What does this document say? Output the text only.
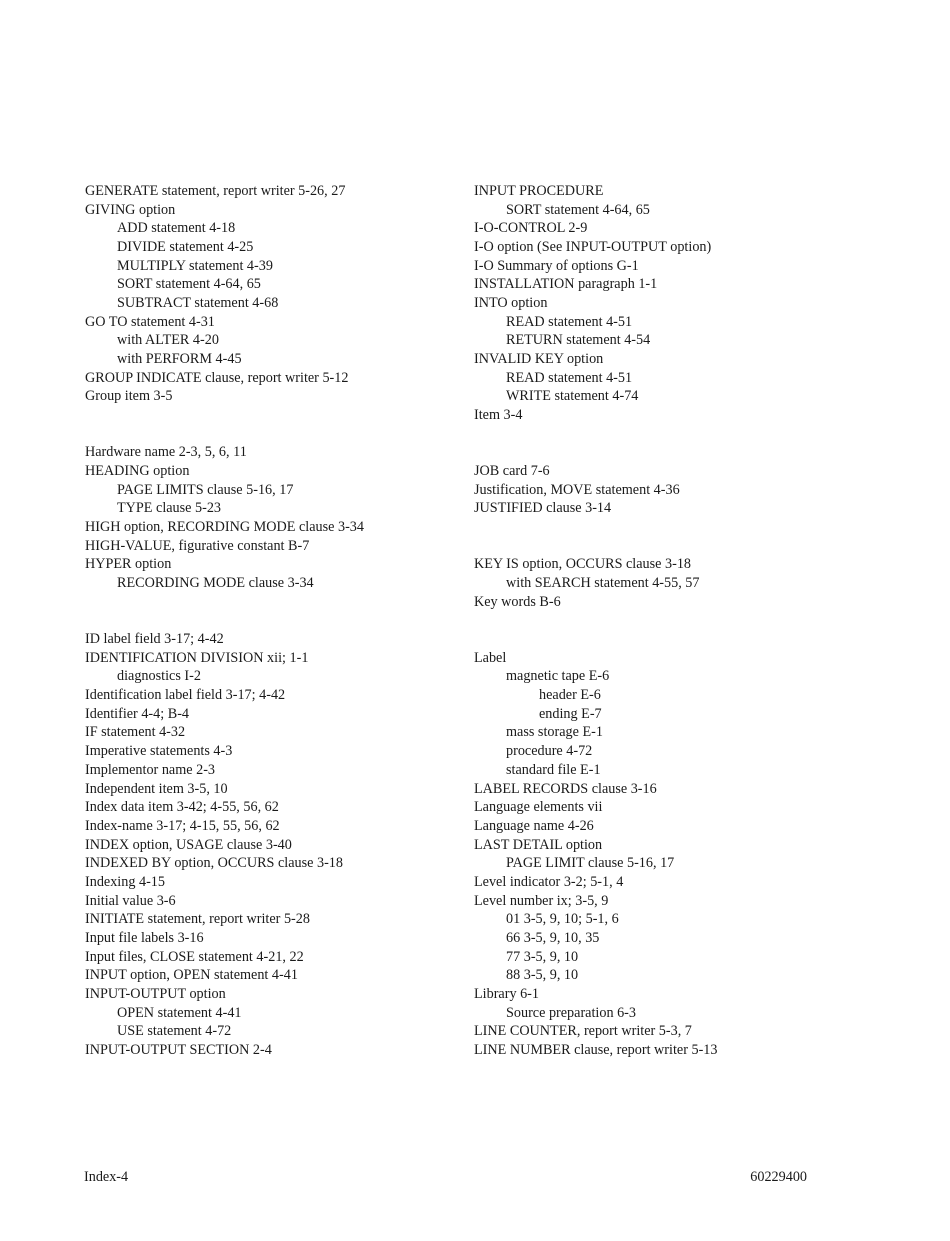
GENERATE statement, report writer 5-26, 27
GIVING option
ADD statement 4-18
DIVIDE statement 4-25
MULTIPLY statement 4-39
SORT statement 4-64, 65
SUBTRACT statement 4-68
GO TO statement 4-31
with ALTER 4-20
with PERFORM 4-45
GROUP INDICATE clause, report writer 5-12
Group item 3-5
Hardware name 2-3, 5, 6, 11
HEADING option
PAGE LIMITS clause 5-16, 17
TYPE clause 5-23
HIGH option, RECORDING MODE clause 3-34
HIGH-VALUE, figurative constant B-7
HYPER option
RECORDING MODE clause 3-34
ID label field 3-17; 4-42
IDENTIFICATION DIVISION xii; 1-1
diagnostics I-2
Identification label field 3-17; 4-42
Identifier 4-4; B-4
IF statement 4-32
Imperative statements 4-3
Implementor name 2-3
Independent item 3-5, 10
Index data item 3-42; 4-55, 56, 62
Index-name 3-17; 4-15, 55, 56, 62
INDEX option, USAGE clause 3-40
INDEXED BY option, OCCURS clause 3-18
Indexing 4-15
Initial value 3-6
INITIATE statement, report writer 5-28
Input file labels 3-16
Input files, CLOSE statement 4-21, 22
INPUT option, OPEN statement 4-41
INPUT-OUTPUT option
OPEN statement 4-41
USE statement 4-72
INPUT-OUTPUT SECTION 2-4
INPUT PROCEDURE
SORT statement 4-64, 65
I-O-CONTROL 2-9
I-O option (See INPUT-OUTPUT option)
I-O Summary of options G-1
INSTALLATION paragraph 1-1
INTO option
READ statement 4-51
RETURN statement 4-54
INVALID KEY option
READ statement 4-51
WRITE statement 4-74
Item 3-4
JOB card 7-6
Justification, MOVE statement 4-36
JUSTIFIED clause 3-14
KEY IS option, OCCURS clause 3-18
with SEARCH statement 4-55, 57
Key words B-6
Label
magnetic tape E-6
header E-6
ending E-7
mass storage E-1
procedure 4-72
standard file E-1
LABEL RECORDS clause 3-16
Language elements vii
Language name 4-26
LAST DETAIL option
PAGE LIMIT clause 5-16, 17
Level indicator 3-2; 5-1, 4
Level number ix; 3-5, 9
01 3-5, 9, 10; 5-1, 6
66 3-5, 9, 10, 35
77 3-5, 9, 10
88 3-5, 9, 10
Library 6-1
Source preparation 6-3
LINE COUNTER, report writer 5-3, 7
LINE NUMBER clause, report writer 5-13
Index-4	60229400
